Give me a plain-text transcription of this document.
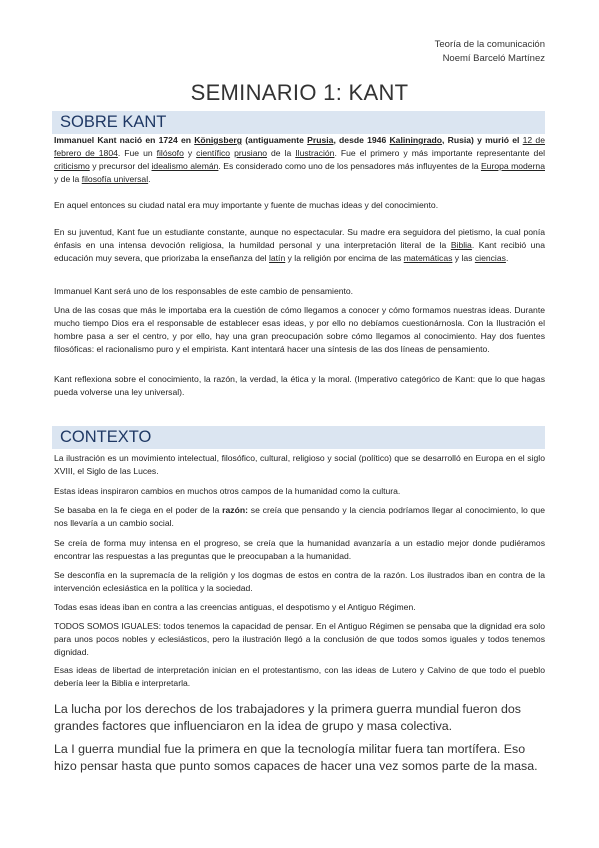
Teoría de la comunicación
Noemí Barceló Martínez
SEMINARIO 1: KANT
SOBRE KANT

Immanuel Kant nació en 1724 en Königsberg (antiguamente Prusia, desde 1946 Kaliningrado, Rusia) y murió el 12 de febrero de 1804. Fue un filósofo y científico prusiano de la Ilustración. Fue el primero y más importante representante del criticismo y precursor del idealismo alemán. Es considerado como uno de los pensadores más influyentes de la Europa moderna y de la filosofía universal.

En aquel entonces su ciudad natal era muy importante y fuente de muchas ideas y del conocimiento.

En su juventud, Kant fue un estudiante constante, aunque no espectacular. Su madre era seguidora del pietismo, la cual ponía énfasis en una intensa devoción religiosa, la humildad personal y una interpretación literal de la Biblia. Kant recibió una educación muy severa, que priorizaba la enseñanza del latín y la religión por encima de las matemáticas y las ciencias.

Immanuel Kant será uno de los responsables de este cambio de pensamiento.

Una de las cosas que más le importaba era la cuestión de cómo llegamos a conocer y cómo formamos nuestras ideas. Durante mucho tiempo Dios era el responsable de establecer esas ideas, y por ello no debíamos cuestionárnosla. Con la Ilustración el hombre pasa a ser el centro, y por ello, hay una gran preocupación sobre cómo llegamos al conocimiento. Hay dos fuentes filosóficas: el racionalismo puro y el empirista. Kant intentará hacer una síntesis de las dos líneas de pensamiento.

Kant reflexiona sobre el conocimiento, la razón, la verdad, la ética y la moral. (Imperativo categórico de Kant: que lo que hagas pueda volverse una ley universal).

CONTEXTO

La ilustración es un movimiento intelectual, filosófico, cultural, religioso y social (político) que se desarrolló en Europa en el siglo XVIII, el Siglo de las Luces.

Estas ideas inspiraron cambios en muchos otros campos de la humanidad como la cultura.

Se basaba en la fe ciega en el poder de la razón: se creía que pensando y la ciencia podríamos llegar al conocimiento, lo que nos llevaría a un cambio social.

Se creía de forma muy intensa en el progreso, se creía que la humanidad avanzaría a un estadio mejor donde pudiéramos encontrar las respuestas a las preguntas que le preocupaban a la humanidad.

Se desconfía en la supremacía de la religión y los dogmas de estos en contra de la razón. Los ilustrados iban en contra de la intervención eclesiástica en la política y la sociedad.

Todas esas ideas iban en contra a las creencias antiguas, el despotismo y el Antiguo Régimen.

TODOS SOMOS IGUALES: todos tenemos la capacidad de pensar. En el Antiguo Régimen se pensaba que la dignidad era solo para unos pocos nobles y eclesiásticos, pero la ilustración llegó a la conclusión de que todos somos iguales y todos tenemos dignidad.

Esas ideas de libertad de interpretación inician en el protestantismo, con las ideas de Lutero y Calvino de que todo el pueblo debería leer la Biblia e interpretarla.

La lucha por los derechos de los trabajadores y la primera guerra mundial fueron dos grandes factores que influenciaron en la idea de grupo y masa colectiva.

La I guerra mundial fue la primera en que la tecnología militar fuera tan mortífera. Eso hizo pensar hasta que punto somos capaces de hacer una vez somos parte de la masa.
